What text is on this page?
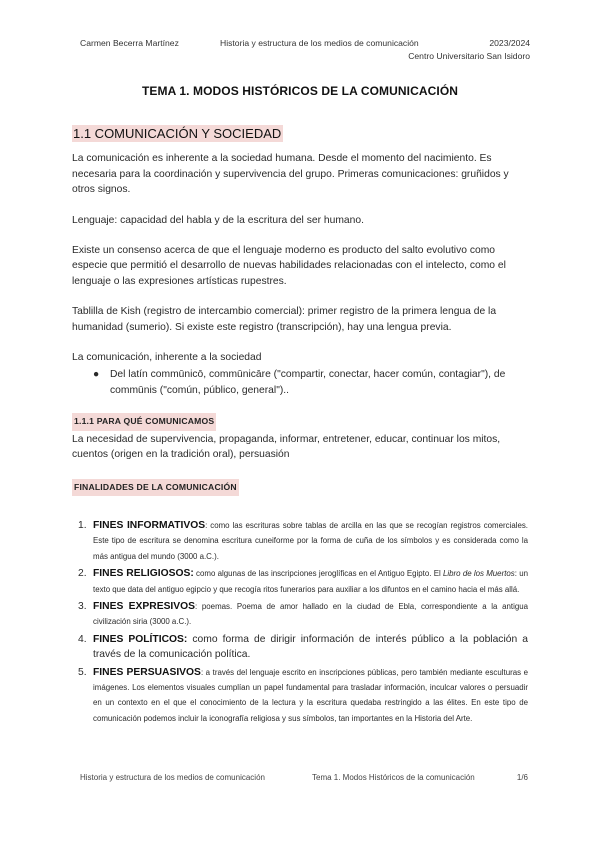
Carmen Becerra Martínez	Historia y estructura de los medios de comunicación	2023/2024
Centro Universitario San Isidoro
TEMA 1. MODOS HISTÓRICOS DE LA COMUNICACIÓN
1.1 COMUNICACIÓN Y SOCIEDAD

La comunicación es inherente a la sociedad humana. Desde el momento del nacimiento. Es necesaria para la coordinación y supervivencia del grupo. Primeras comunicaciones: gruñidos y otros signos.

Lenguaje: capacidad del habla y de la escritura del ser humano.

Existe un consenso acerca de que el lenguaje moderno es producto del salto evolutivo como especie que permitió el desarrollo de nuevas habilidades relacionadas con el intelecto, como el lenguaje o las expresiones artísticas rupestres.

Tablilla de Kish (registro de intercambio comercial): primer registro de la primera lengua de la humanidad (sumerio). Si existe este registro (transcripción), hay una lengua previa.

La comunicación, inherente a la sociedad

● Del latín commūnicō, commūnicāre ("compartir, conectar, hacer común, contagiar"), de commūnis ("común, público, general")..
1.1.1 PARA QUÉ COMUNICAMOS

La necesidad de supervivencia, propaganda, informar, entretener, educar, continuar los mitos, cuentos (origen en la tradición oral), persuasión

FINALIDADES DE LA COMUNICACIÓN
1. FINES INFORMATIVOS: como las escrituras sobre tablas de arcilla en las que se recogían registros comerciales. Este tipo de escritura se denomina escritura cuneiforme por la forma de cuña de los símbolos y es considerada como la más antigua del mundo (3000 a.C.).
2. FINES RELIGIOSOS: como algunas de las inscripciones jeroglíficas en el Antiguo Egipto. El Libro de los Muertos: un texto que data del antiguo egipcio y que recogía ritos funerarios para auxiliar a los difuntos en el camino hacia el más allá.
3. FINES EXPRESIVOS: poemas. Poema de amor hallado en la ciudad de Ebla, correspondiente a la antigua civilización siria (3000 a.C.).
4. FINES POLÍTICOS: como forma de dirigir información de interés público a la población a través de la comunicación política.
5. FINES PERSUASIVOS: a través del lenguaje escrito en inscripciones públicas, pero también mediante esculturas e imágenes. Los elementos visuales cumplían un papel fundamental para trasladar información, inculcar valores o persuadir en un contexto en el que el conocimiento de la lectura y la escritura quedaba restringido a las élites. En este tipo de comunicación podemos incluir la iconografía religiosa y sus símbolos, tan importantes en la Historia del Arte.
Historia y estructura de los medios de comunicación	Tema 1. Modos Históricos de la comunicación	1/6
